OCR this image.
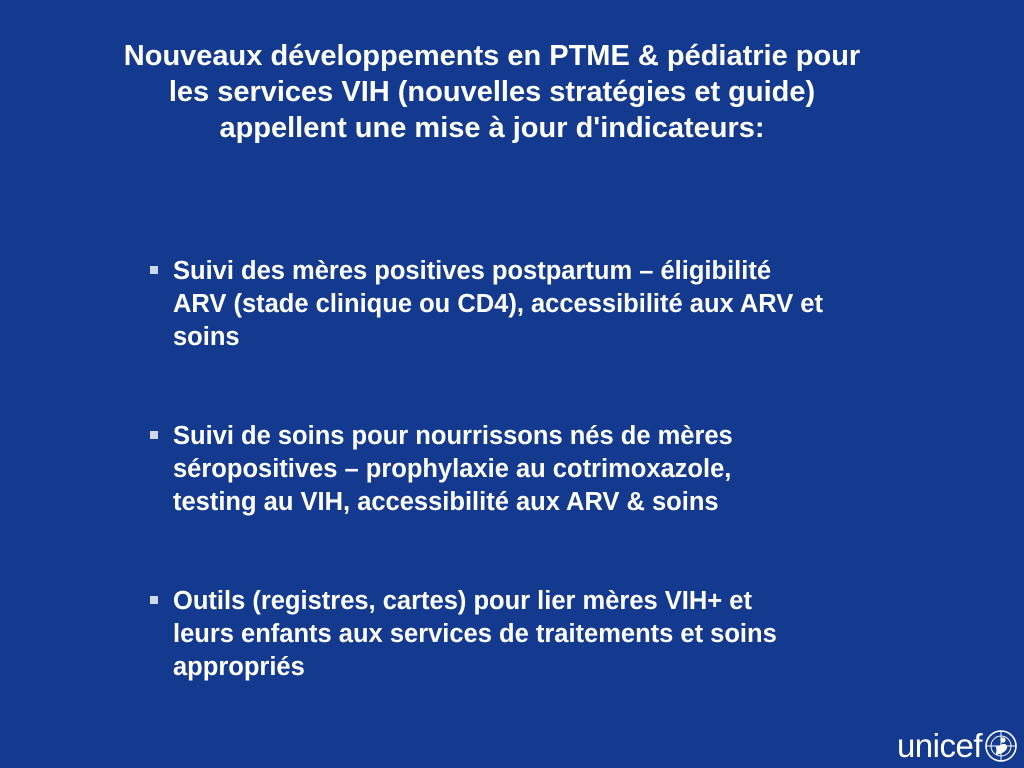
Nouveaux développements en PTME & pédiatrie pour
les services VIH (nouvelles stratégies et guide)
appellent une mise à jour d'indicateurs:
Suivi des mères positives postpartum – éligibilité
ARV (stade clinique ou CD4), accessibilité aux ARV et
soins
Suivi de soins pour nourrissons nés de mères
séropositives – prophylaxie au cotrimoxazole,
testing au VIH, accessibilité aux ARV & soins
Outils (registres, cartes) pour lier mères VIH+ et
leurs enfants aux services de traitements et soins
appropriés
unicef
